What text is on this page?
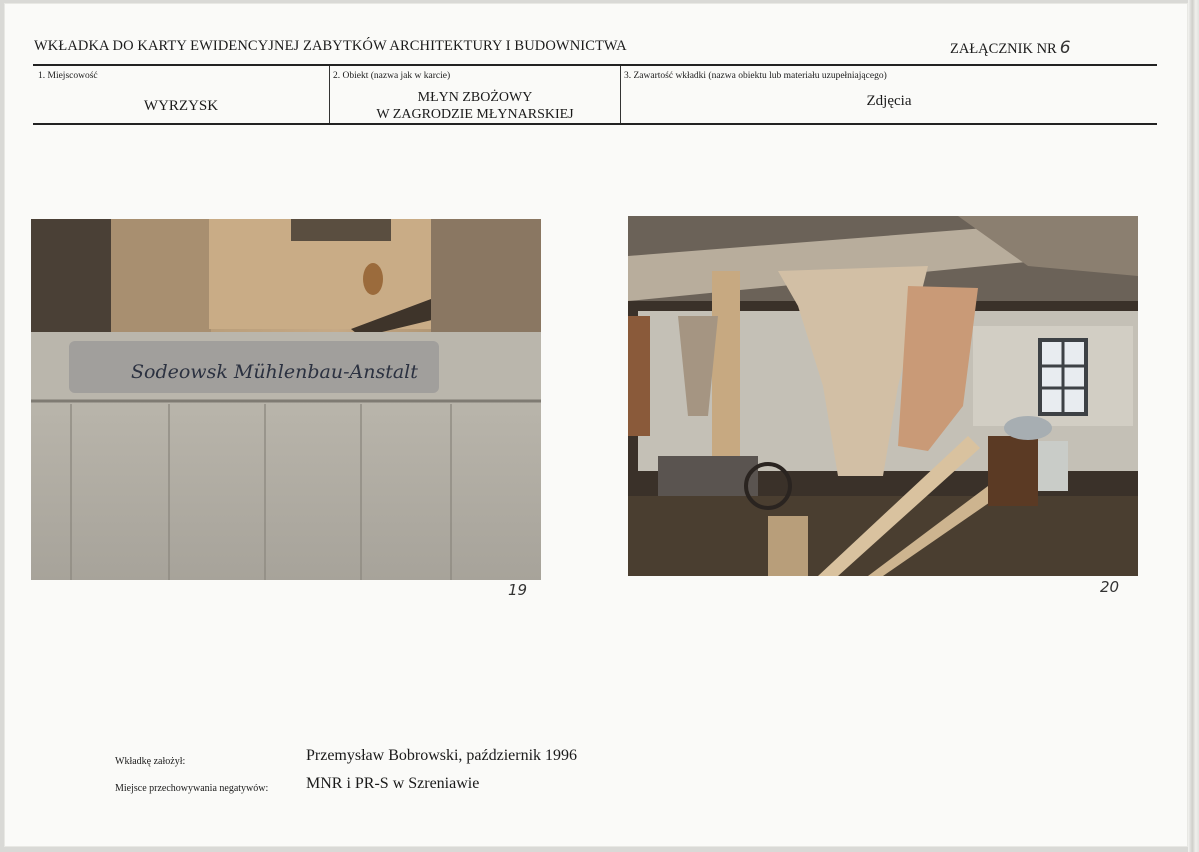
WKŁADKA DO KARTY EWIDENCYJNEJ ZABYTKÓW ARCHITEKTURY I BUDOWNICTWA	ZAŁĄCZNIK NR 6
1. Miejscowość
WYRZYSK
2. Obiekt (nazwa jak w karcie)
MŁYN ZBOŻOWY
W ZAGRODZIE MŁYNARSKIEJ
3. Zawartość wkładki (nazwa obiektu lub materiału uzupełniającego)
Zdjęcia
Sodeowsk Mühlenbau-Anstalt
19	20
Wkładkę założył:	Przemysław Bobrowski, październik 1996
Miejsce przechowywania negatywów: MNR i PR-S w Szreniawie
